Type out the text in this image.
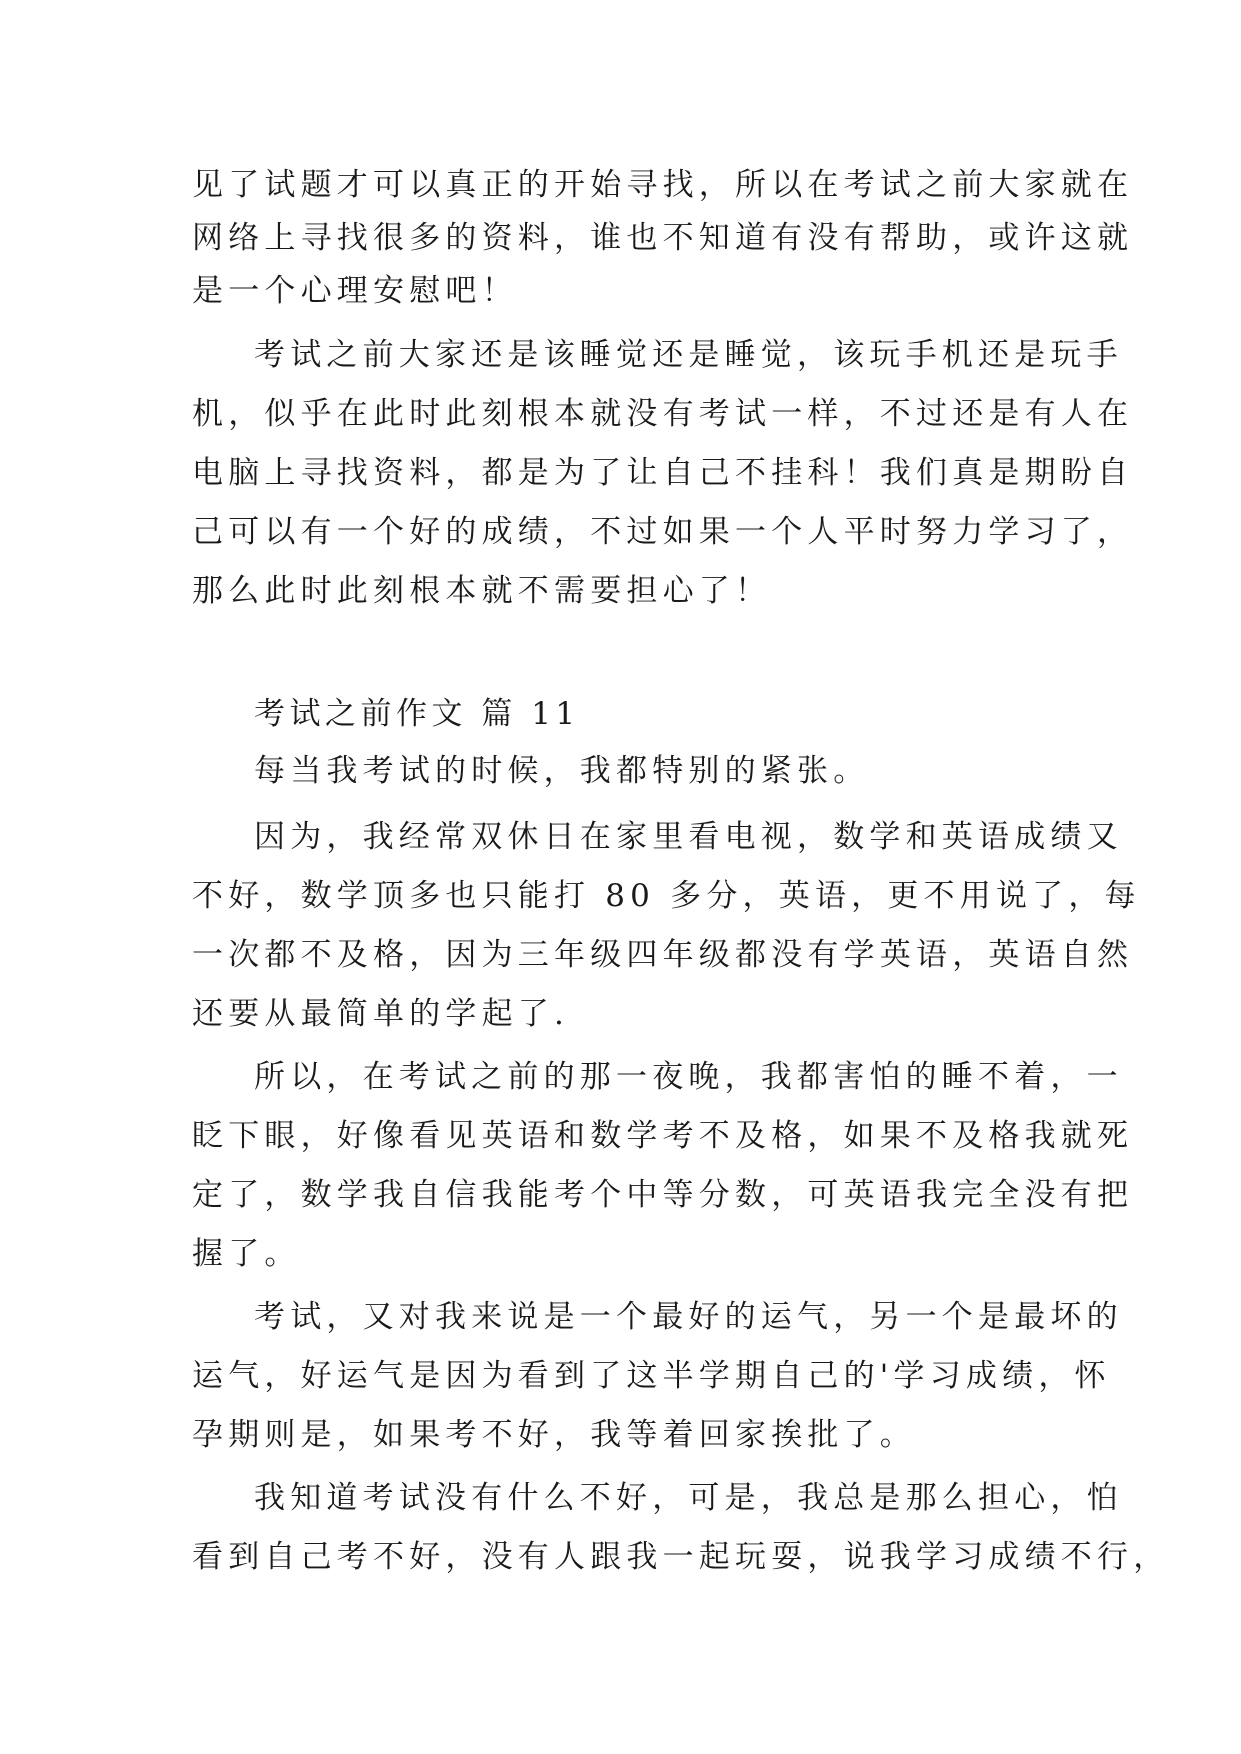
见了试题才可以真正的开始寻找，所以在考试之前大家就在
网络上寻找很多的资料，谁也不知道有没有帮助，或许这就
是一个心理安慰吧！
考试之前大家还是该睡觉还是睡觉，该玩手机还是玩手
机，似乎在此时此刻根本就没有考试一样，不过还是有人在
电脑上寻找资料，都是为了让自己不挂科！我们真是期盼自
己可以有一个好的成绩，不过如果一个人平时努力学习了，
那么此时此刻根本就不需要担心了！
考试之前作文 篇 11
每当我考试的时候，我都特别的紧张。
因为，我经常双休日在家里看电视，数学和英语成绩又
不好，数学顶多也只能打 80 多分，英语，更不用说了，每
一次都不及格，因为三年级四年级都没有学英语，英语自然
还要从最简单的学起了.
所以，在考试之前的那一夜晚，我都害怕的睡不着，一
眨下眼，好像看见英语和数学考不及格，如果不及格我就死
定了，数学我自信我能考个中等分数，可英语我完全没有把
握了。
考试，又对我来说是一个最好的运气，另一个是最坏的
运气，好运气是因为看到了这半学期自己的'学习成绩，怀
孕期则是，如果考不好，我等着回家挨批了。
我知道考试没有什么不好，可是，我总是那么担心，怕
看到自己考不好，没有人跟我一起玩耍，说我学习成绩不行，
